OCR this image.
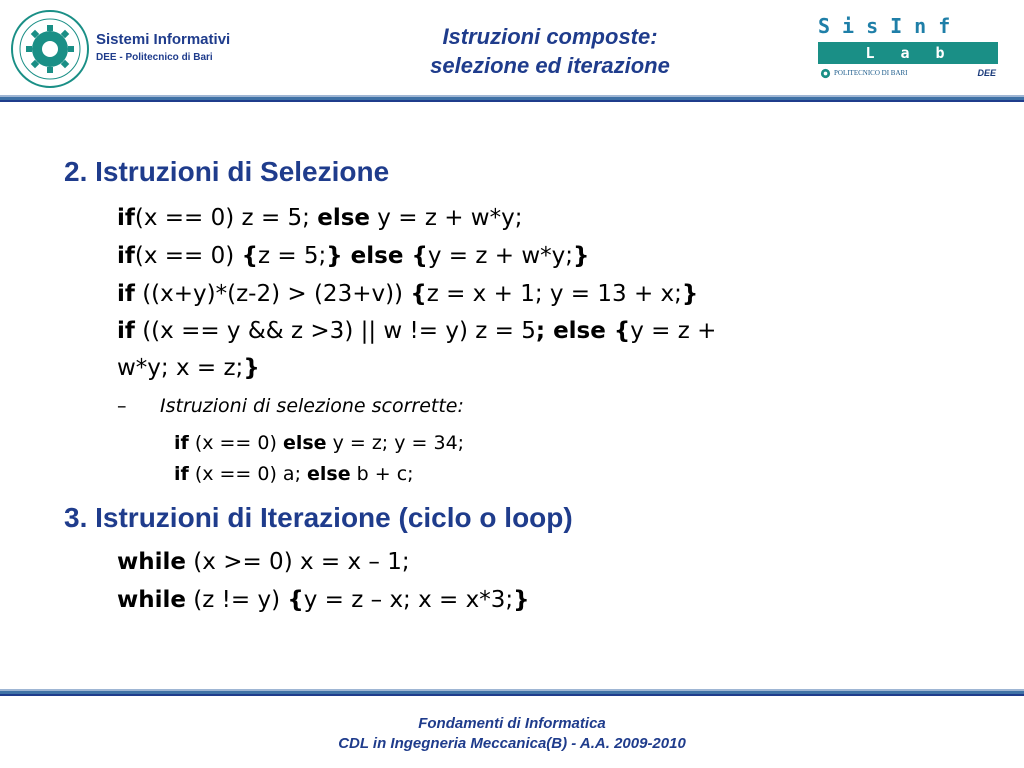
Sistemi Informativi
DEE - Politecnico di Bari
Istruzioni composte:
selezione ed iterazione
SisInf
Lab
POLITECNICO DI BARI	DEE
2. Istruzioni di Selezione
if(x == 0) z = 5; else y = z + w*y;
if(x == 0) {z = 5;} else {y = z + w*y;}
if ((x+y)*(z-2) > (23+v)) {z = x + 1; y = 13 + x;}
if ((x == y && z >3) || w != y) z = 5; else {y = z +
w*y; x = z;}
– Istruzioni di selezione scorrette:
if (x == 0) else y = z; y = 34;
if (x == 0) a; else b + c;
3. Istruzioni di Iterazione (ciclo o loop)
while (x >= 0) x = x – 1;
while (z != y) {y = z – x; x = x*3;}
Fondamenti di Informatica
CDL in Ingegneria Meccanica(B) - A.A. 2009-2010
